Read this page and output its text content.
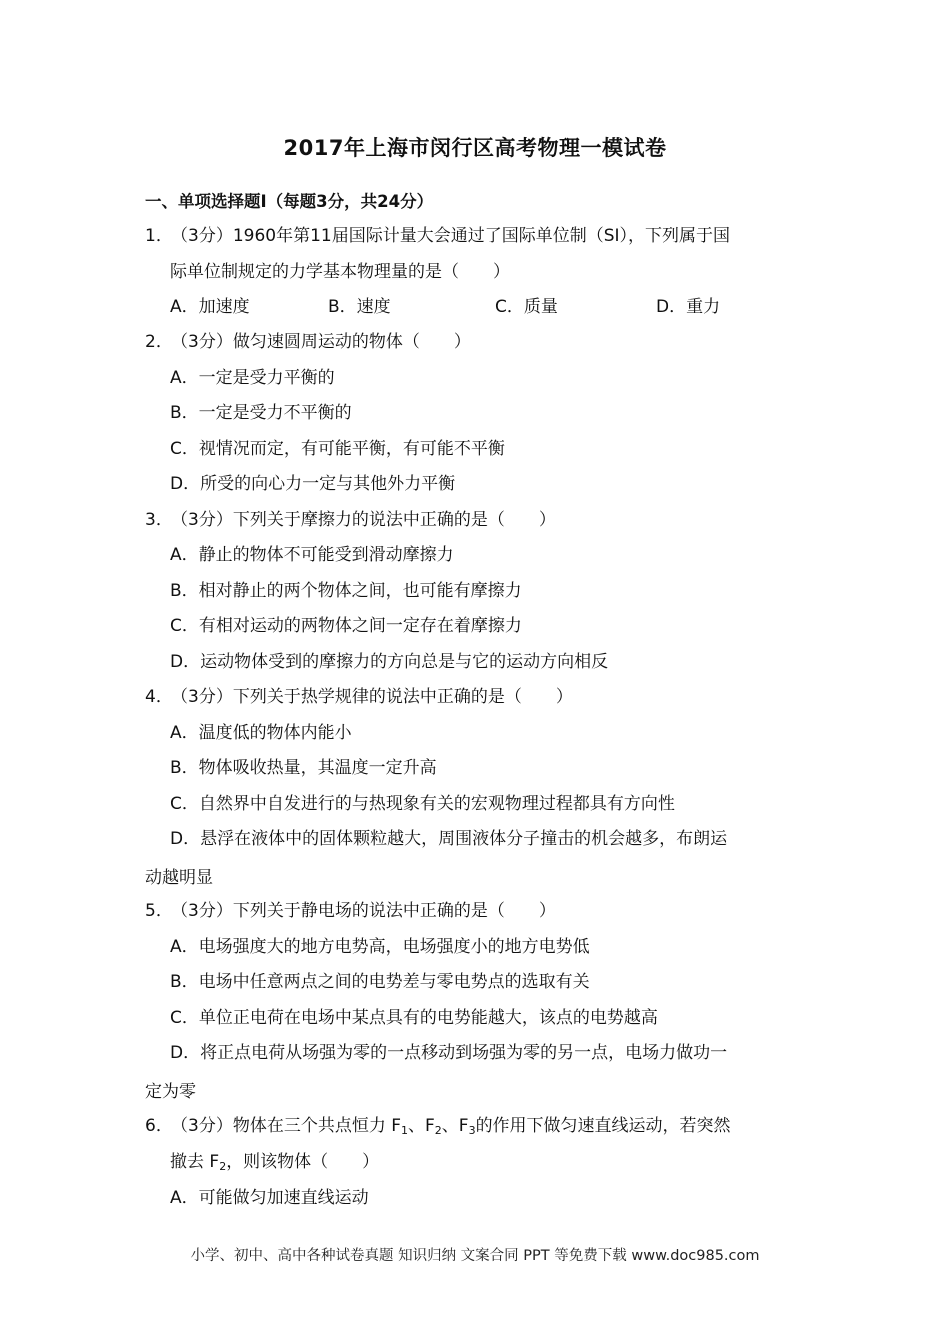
2017年上海市闵行区高考物理一模试卷
一、单项选择题Ⅰ（每题3分，共24分）
1．（3分）1960年第11届国际计量大会通过了国际单位制（SI），下列属于国
际单位制规定的力学基本物理量的是（　　）
A．加速度	B．速度	C．质量	D．重力
2．（3分）做匀速圆周运动的物体（　　）
A．一定是受力平衡的
B．一定是受力不平衡的
C．视情况而定，有可能平衡，有可能不平衡
D．所受的向心力一定与其他外力平衡
3．（3分）下列关于摩擦力的说法中正确的是（　　）
A．静止的物体不可能受到滑动摩擦力
B．相对静止的两个物体之间，也可能有摩擦力
C．有相对运动的两物体之间一定存在着摩擦力
D．运动物体受到的摩擦力的方向总是与它的运动方向相反
4．（3分）下列关于热学规律的说法中正确的是（　　）
A．温度低的物体内能小
B．物体吸收热量，其温度一定升高
C．自然界中自发进行的与热现象有关的宏观物理过程都具有方向性
D．悬浮在液体中的固体颗粒越大，周围液体分子撞击的机会越多，布朗运
动越明显
5．（3分）下列关于静电场的说法中正确的是（　　）
A．电场强度大的地方电势高，电场强度小的地方电势低
B．电场中任意两点之间的电势差与零电势点的选取有关
C．单位正电荷在电场中某点具有的电势能越大，该点的电势越高
D．将正点电荷从场强为零的一点移动到场强为零的另一点，电场力做功一
定为零
6．（3分）物体在三个共点恒力 $F_1$、$F_2$、$F_3$的作用下做匀速直线运动，若突然
撤去 $F_2$，则该物体（　　）
A．可能做匀加速直线运动
小学、初中、高中各种试卷真题 知识归纳 文案合同 PPT 等免费下载 www.doc985.com
